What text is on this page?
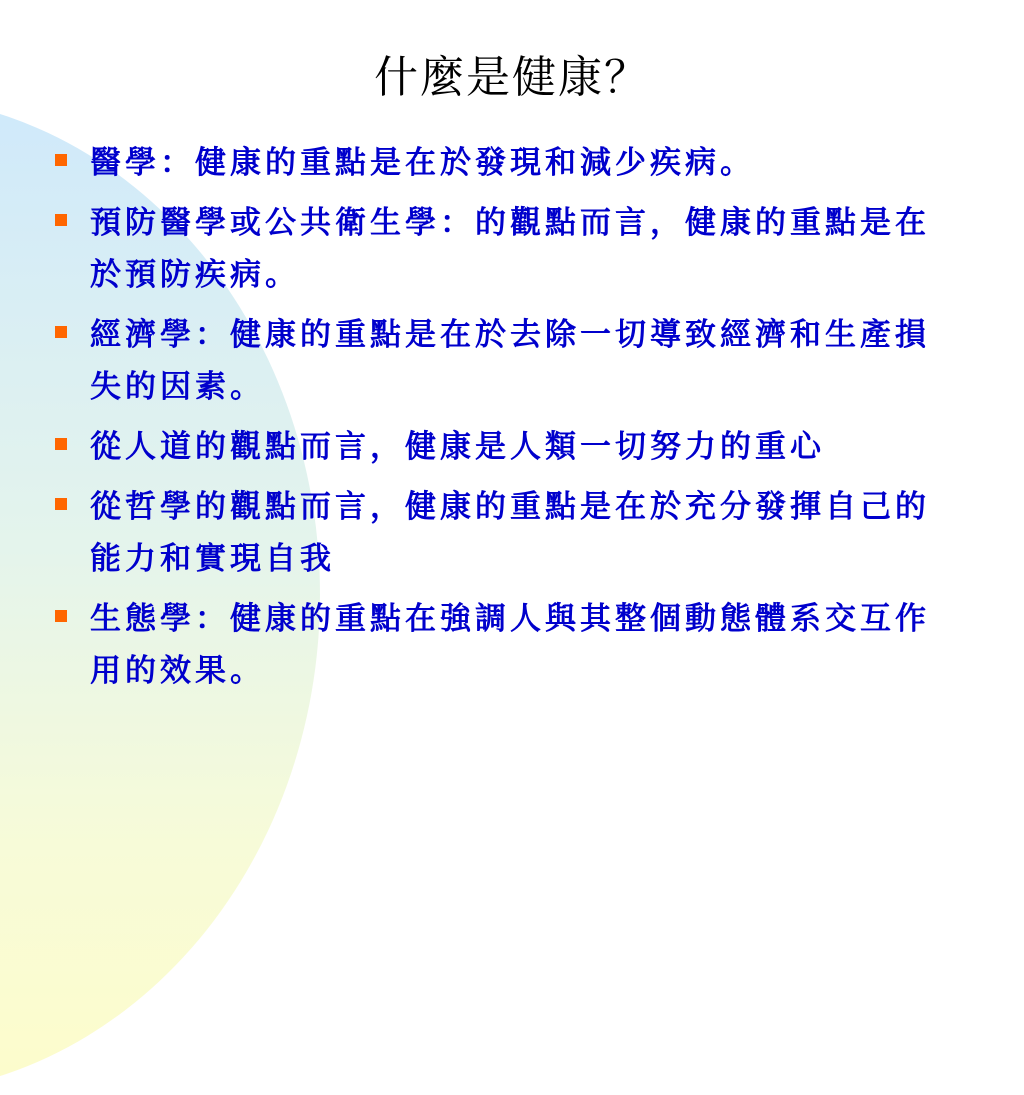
什麼是健康？
醫學：健康的重點是在於發現和減少疾病。
預防醫學或公共衛生學：的觀點而言，健康的重點是在於預防疾病。
經濟學：健康的重點是在於去除一切導致經濟和生產損失的因素。
從人道的觀點而言，健康是人類一切努力的重心
從哲學的觀點而言，健康的重點是在於充分發揮自己的能力和實現自我
生態學：健康的重點在強調人與其整個動態體系交互作用的效果。
